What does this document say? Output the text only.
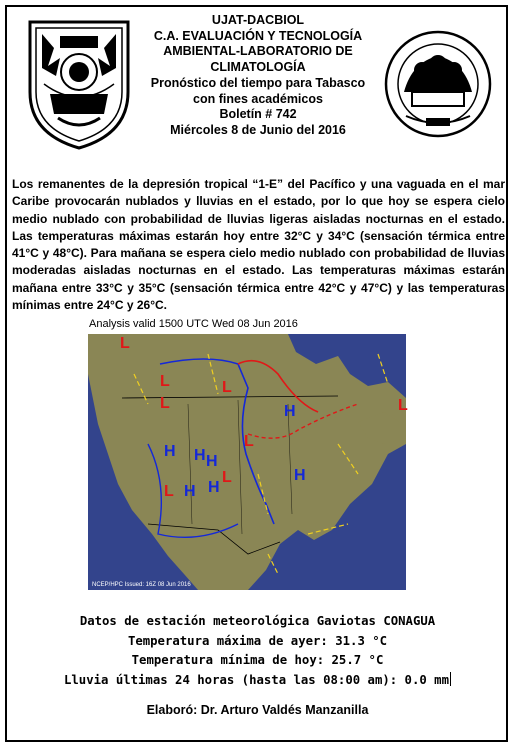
UJAT-DACBIOL
C.A. EVALUACIÓN Y TECNOLOGÍA
AMBIENTAL-LABORATORIO DE
CLIMATOLOGÍA
Pronóstico del tiempo para Tabasco
con fines académicos
Boletín # 742
Miércoles 8 de Junio del 2016
Los remanentes de la depresión tropical “1-E” del Pacífico y una vaguada en el mar Caribe provocarán nublados y lluvias en el estado, por lo que hoy se espera cielo medio nublado con probabilidad de lluvias ligeras aisladas nocturnas en el estado. Las temperaturas máximas estarán hoy entre 32°C y 34°C (sensación térmica entre 41°C y 48°C). Para mañana se espera cielo medio nublado con probabilidad de lluvias moderadas aisladas nocturnas en el estado. Las temperaturas máximas estarán mañana entre 33°C y 35°C (sensación térmica entre 42°C y 47°C) y las temperaturas mínimas entre 24°C y 26°C.
Analysis valid 1500 UTC Wed 08 Jun 2016
L
L
L
L
L
L
L
L
H
H H H
H H
H
NCEP/HPC Issued: 16Z 08 Jun 2016
Datos de estación meteorológica Gaviotas CONAGUA
Temperatura máxima de ayer: 31.3 °C
Temperatura mínima de hoy: 25.7 °C
Lluvia últimas 24 horas (hasta las 08:00 am): 0.0 mm
Elaboró: Dr. Arturo Valdés Manzanilla
